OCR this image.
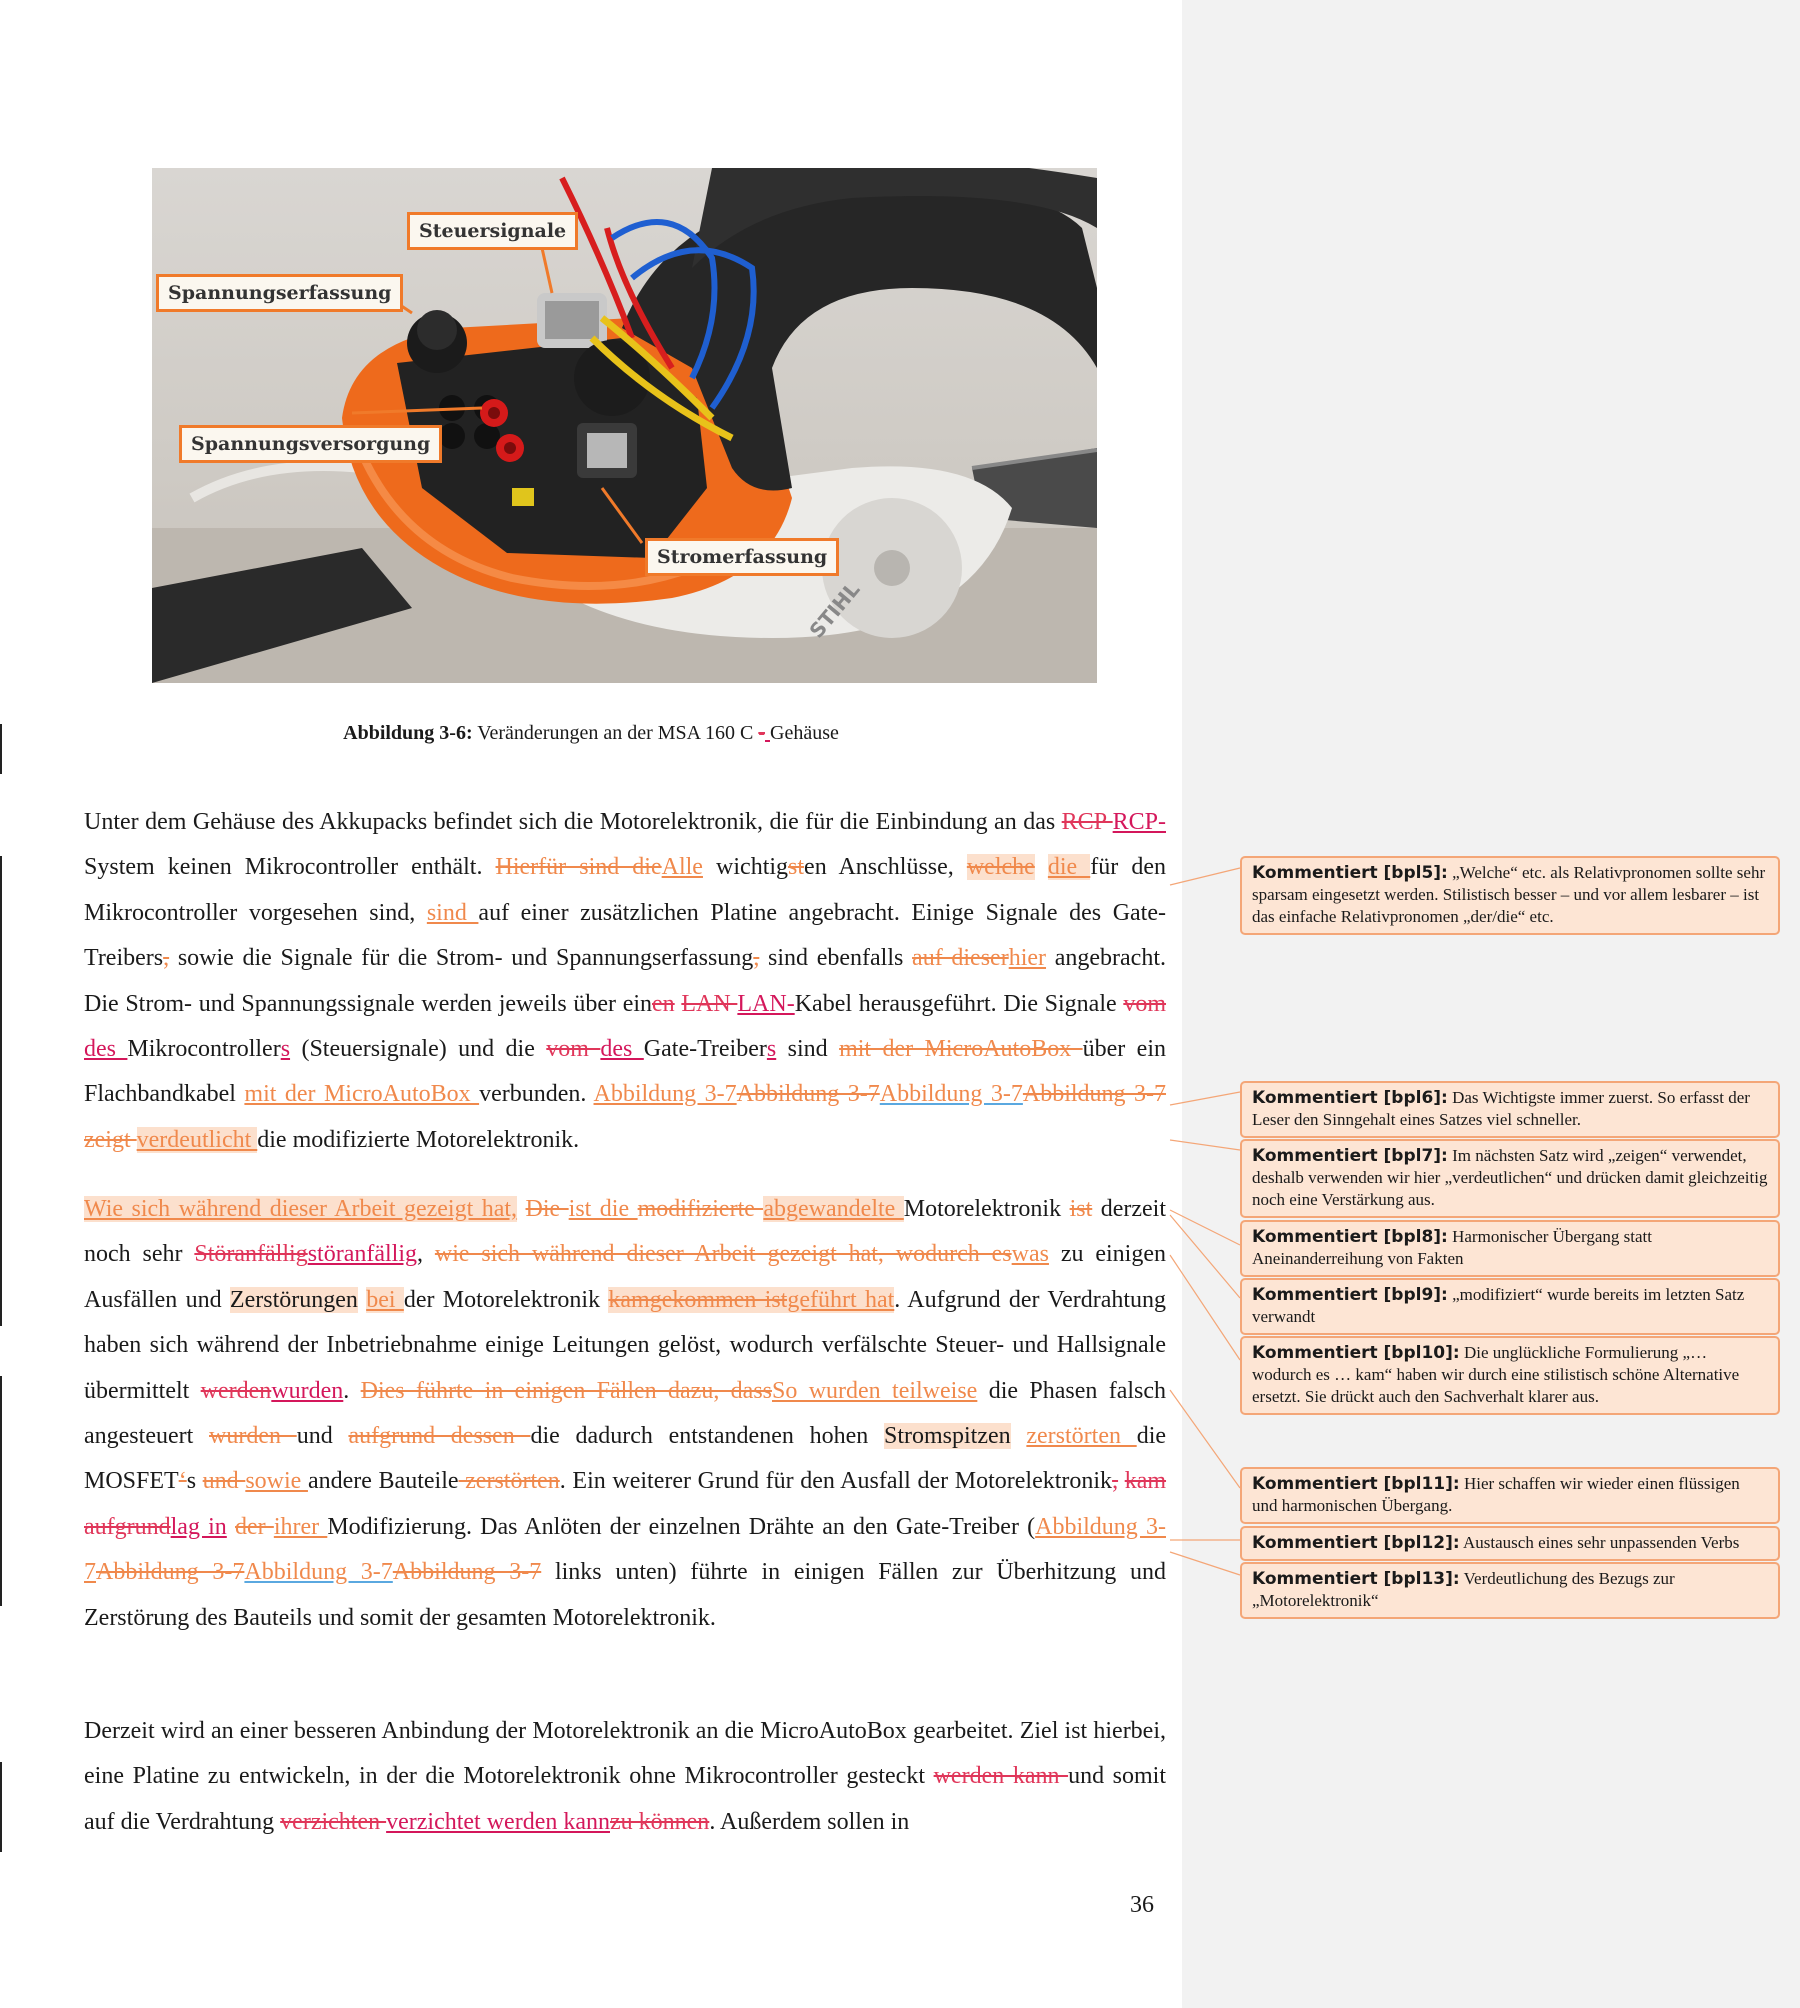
Steuersignale
Spannungserfassung
Spannungsversorgung
Stromerfassung
STIHL
Abbildung 3-6: Veränderungen an der MSA 160 C - Gehäuse
Unter dem Gehäuse des Akkupacks befindet sich die Motorelektronik, die für die Einbindung an das RCP RCP-System keinen Mikrocontroller enthält. Hierfür sind dieAlle wichtigsten Anschlüsse, welche die für den Mikrocontroller vorgesehen sind, sind auf einer zusätzlichen Platine angebracht. Einige Signale des Gate-Treibers, sowie die Signale für die Strom- und Spannungserfassung, sind ebenfalls auf dieserhier angebracht. Die Strom- und Spannungssignale werden jeweils über einen LAN LAN-Kabel herausgeführt. Die Signale vom des Mikrocontrollers (Steuersignale) und die vom des Gate-Treibers sind mit der MicroAutoBox über ein Flachbandkabel mit der MicroAutoBox verbunden. Abbildung 3-7Abbildung 3-7Abbildung 3-7Abbildung 3-7 zeigt verdeutlicht die modifizierte Motorelektronik.
Wie sich während dieser Arbeit gezeigt hat, Die ist die modifizierte abgewandelte Motorelektronik ist derzeit noch sehr Störanfälligstöranfällig, wie sich während dieser Arbeit gezeigt hat, wodurch eswas zu einigen Ausfällen und Zerstörungen bei der Motorelektronik kamgekommen istgeführt hat. Aufgrund der Verdrahtung haben sich während der Inbetriebnahme einige Leitungen gelöst, wodurch verfälschte Steuer- und Hallsignale übermittelt werdenwurden. Dies führte in einigen Fällen dazu, dassSo wurden teilweise die Phasen falsch angesteuert wurden und aufgrund dessen die dadurch entstandenen hohen Stromspitzen zerstörten die MOSFET‘s und sowie andere Bauteile zerstörten. Ein weiterer Grund für den Ausfall der Motorelektronik, kam aufgrundlag in der ihrer Modifizierung. Das Anlöten der einzelnen Drähte an den Gate-Treiber (Abbildung 3-7Abbildung 3-7Abbildung 3-7Abbildung 3-7 links unten) führte in einigen Fällen zur Überhitzung und Zerstörung des Bauteils und somit der gesamten Motorelektronik.
Derzeit wird an einer besseren Anbindung der Motorelektronik an die MicroAutoBox gearbeitet. Ziel ist hierbei, eine Platine zu entwickeln, in der die Motorelektronik ohne Mikrocontroller gesteckt werden kann und somit auf die Verdrahtung verzichten verzichtet werden kannzu können. Außerdem sollen in
36
Kommentiert [bpl5]: „Welche“ etc. als Relativpronomen sollte sehr sparsam eingesetzt werden. Stilistisch besser – und vor allem lesbarer – ist das einfache Relativpronomen „der/die“ etc.
Kommentiert [bpl6]: Das Wichtigste immer zuerst. So erfasst der Leser den Sinngehalt eines Satzes viel schneller.
Kommentiert [bpl7]: Im nächsten Satz wird „zeigen“ verwendet, deshalb verwenden wir hier „verdeutlichen“ und drücken damit gleichzeitig noch eine Verstärkung aus.
Kommentiert [bpl8]: Harmonischer Übergang statt Aneinanderreihung von Fakten
Kommentiert [bpl9]: „modifiziert“ wurde bereits im letzten Satz verwandt
Kommentiert [bpl10]: Die unglückliche Formulierung „… wodurch es … kam“ haben wir durch eine stilistisch schöne Alternative ersetzt. Sie drückt auch den Sachverhalt klarer aus.
Kommentiert [bpl11]: Hier schaffen wir wieder einen flüssigen und harmonischen Übergang.
Kommentiert [bpl12]: Austausch eines sehr unpassenden Verbs
Kommentiert [bpl13]: Verdeutlichung des Bezugs zur „Motorelektronik“
